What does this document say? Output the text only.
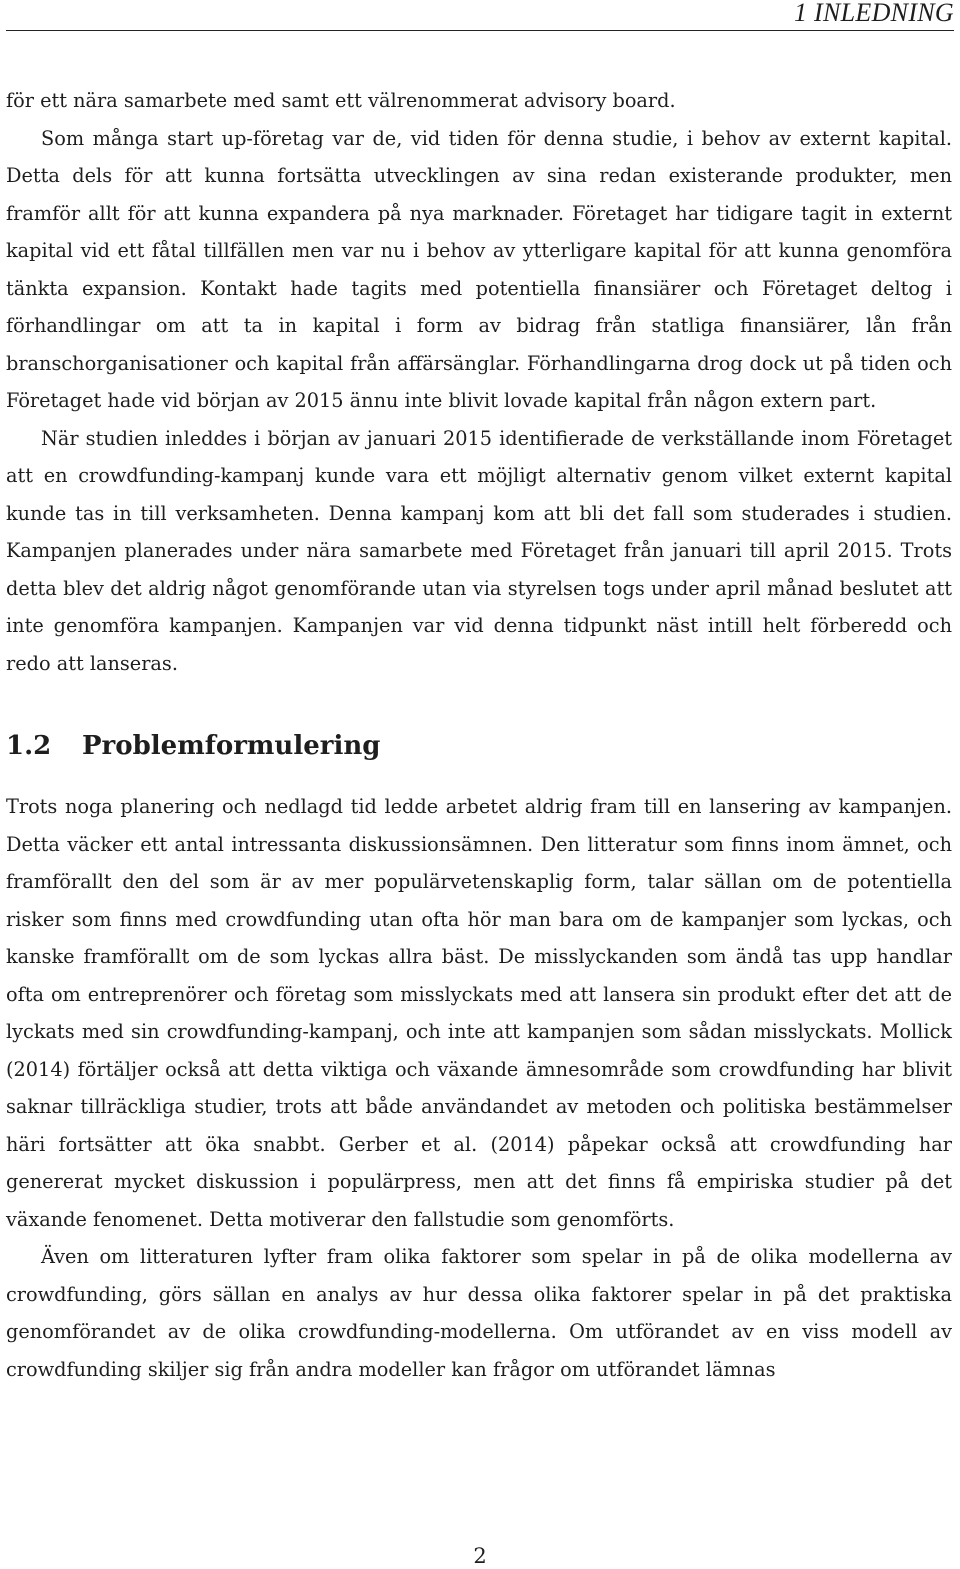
1 INLEDNING

för ett nära samarbete med samt ett välrenommerat advisory board.

Som många start up-företag var de, vid tiden för denna studie, i behov av externt kapital. Detta dels för att kunna fortsätta utvecklingen av sina redan existerande produkter, men framför allt för att kunna expandera på nya marknader. Företaget har tidigare tagit in externt kapital vid ett fåtal tillfällen men var nu i behov av ytterligare kapital för att kunna genomföra tänkta expansion. Kontakt hade tagits med potentiella finansiärer och Företaget deltog i förhandlingar om att ta in kapital i form av bidrag från statliga finansiärer, lån från branschorganisationer och kapital från affärsänglar. Förhandlingarna drog dock ut på tiden och Företaget hade vid början av 2015 ännu inte blivit lovade kapital från någon extern part.

När studien inleddes i början av januari 2015 identifierade de verkställande inom Företaget att en crowdfunding-kampanj kunde vara ett möjligt alternativ genom vilket externt kapital kunde tas in till verksamheten. Denna kampanj kom att bli det fall som studerades i studien. Kampanjen planerades under nära samarbete med Företaget från januari till april 2015. Trots detta blev det aldrig något genomförande utan via styrelsen togs under april månad beslutet att inte genomföra kampanjen. Kampanjen var vid denna tidpunkt näst intill helt förberedd och redo att lanseras.

1.2 Problemformulering

Trots noga planering och nedlagd tid ledde arbetet aldrig fram till en lansering av kampanjen. Detta väcker ett antal intressanta diskussionsämnen. Den litteratur som finns inom ämnet, och framförallt den del som är av mer populärvetenskaplig form, talar sällan om de potentiella risker som finns med crowdfunding utan ofta hör man bara om de kampanjer som lyckas, och kanske framförallt om de som lyckas allra bäst. De misslyckanden som ändå tas upp handlar ofta om entreprenörer och företag som misslyckats med att lansera sin produkt efter det att de lyckats med sin crowdfunding-kampanj, och inte att kampanjen som sådan misslyckats. Mollick (2014) förtäljer också att detta viktiga och växande ämnesområde som crowdfunding har blivit saknar tillräckliga studier, trots att både användandet av metoden och politiska bestämmelser häri fortsätter att öka snabbt. Gerber et al. (2014) påpekar också att crowdfunding har genererat mycket diskussion i populärpress, men att det finns få empiriska studier på det växande fenomenet. Detta motiverar den fallstudie som genomförts.

Även om litteraturen lyfter fram olika faktorer som spelar in på de olika modellerna av crowdfunding, görs sällan en analys av hur dessa olika faktorer spelar in på det praktiska genomförandet av de olika crowdfunding-modellerna. Om utförandet av en viss modell av crowdfunding skiljer sig från andra modeller kan frågor om utförandet lämnas

2
